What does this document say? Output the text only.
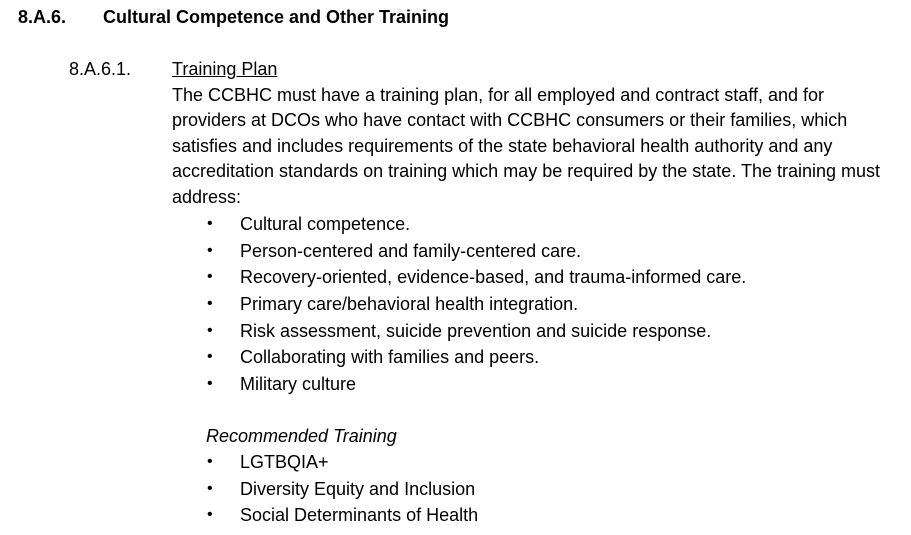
8.A.6. Cultural Competence and Other Training
8.A.6.1. Training Plan
The CCBHC must have a training plan, for all employed and contract staff, and for providers at DCOs who have contact with CCBHC consumers or their families, which satisfies and includes requirements of the state behavioral health authority and any accreditation standards on training which may be required by the state. The training must address:
• Cultural competence.
• Person-centered and family-centered care.
• Recovery-oriented, evidence-based, and trauma-informed care.
• Primary care/behavioral health integration.
• Risk assessment, suicide prevention and suicide response.
• Collaborating with families and peers.
• Military culture
Recommended Training
• LGTBQIA+
• Diversity Equity and Inclusion
• Social Determinants of Health
